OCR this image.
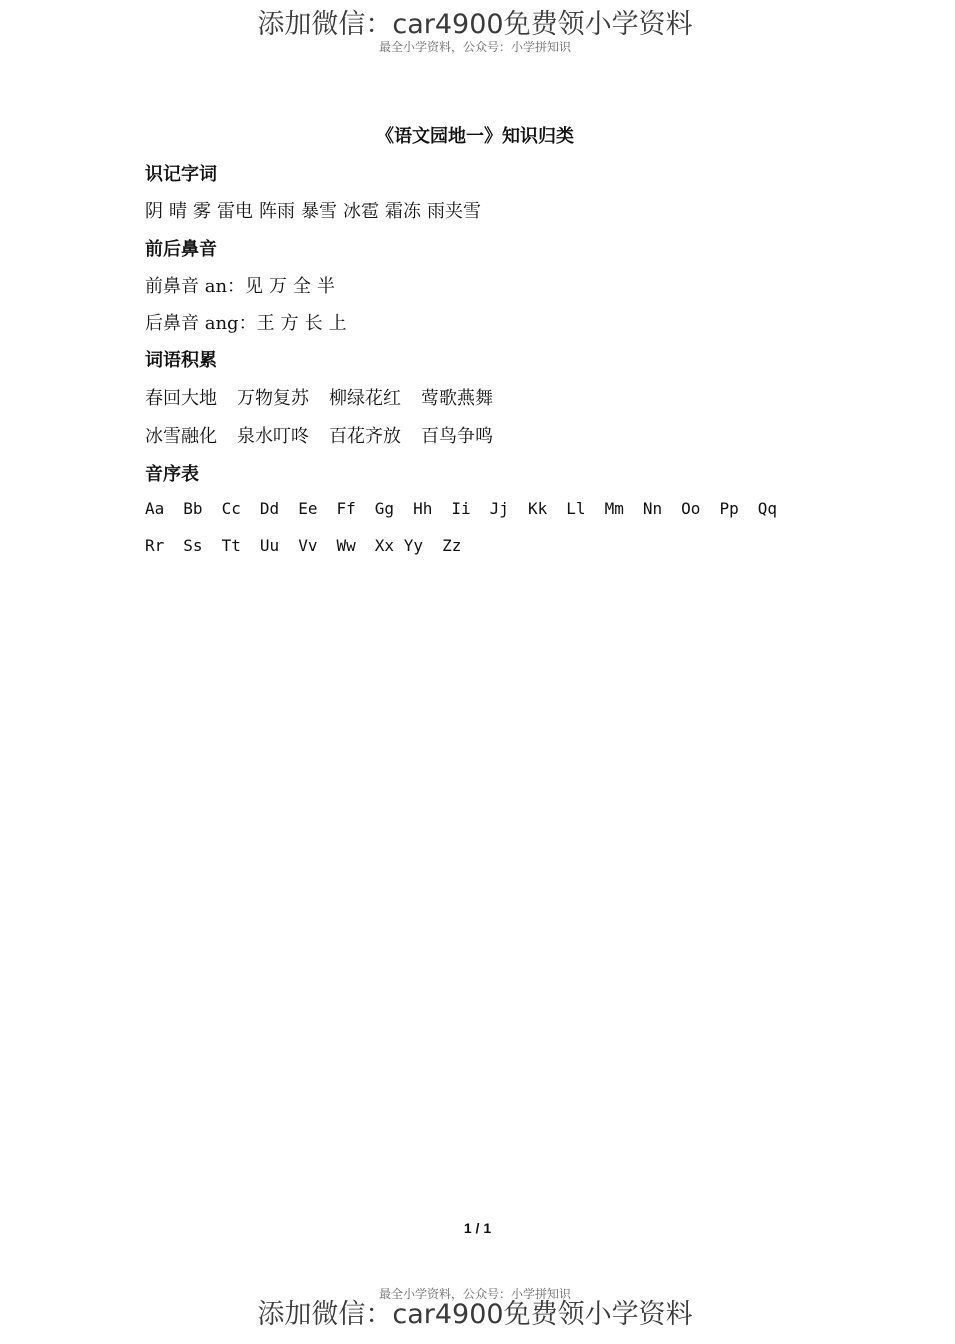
添加微信：car4900免费领小学资料
最全小学资料，公众号：小学拼知识
《语文园地一》知识归类
识记字词
阴 晴 雾 雷电 阵雨 暴雪 冰雹 霜冻 雨夹雪
前后鼻音
前鼻音 an：见 万 全 半
后鼻音 ang：王 方 长 上
词语积累
春回大地 万物复苏 柳绿花红 莺歌燕舞
冰雪融化 泉水叮咚 百花齐放 百鸟争鸣
音序表
Aa Bb Cc Dd Ee Ff Gg Hh Ii Jj Kk Ll Mm Nn Oo Pp Qq
Rr Ss Tt Uu Vv Ww Xx Yy Zz
1 / 1
最全小学资料，公众号：小学拼知识
添加微信：car4900免费领小学资料
